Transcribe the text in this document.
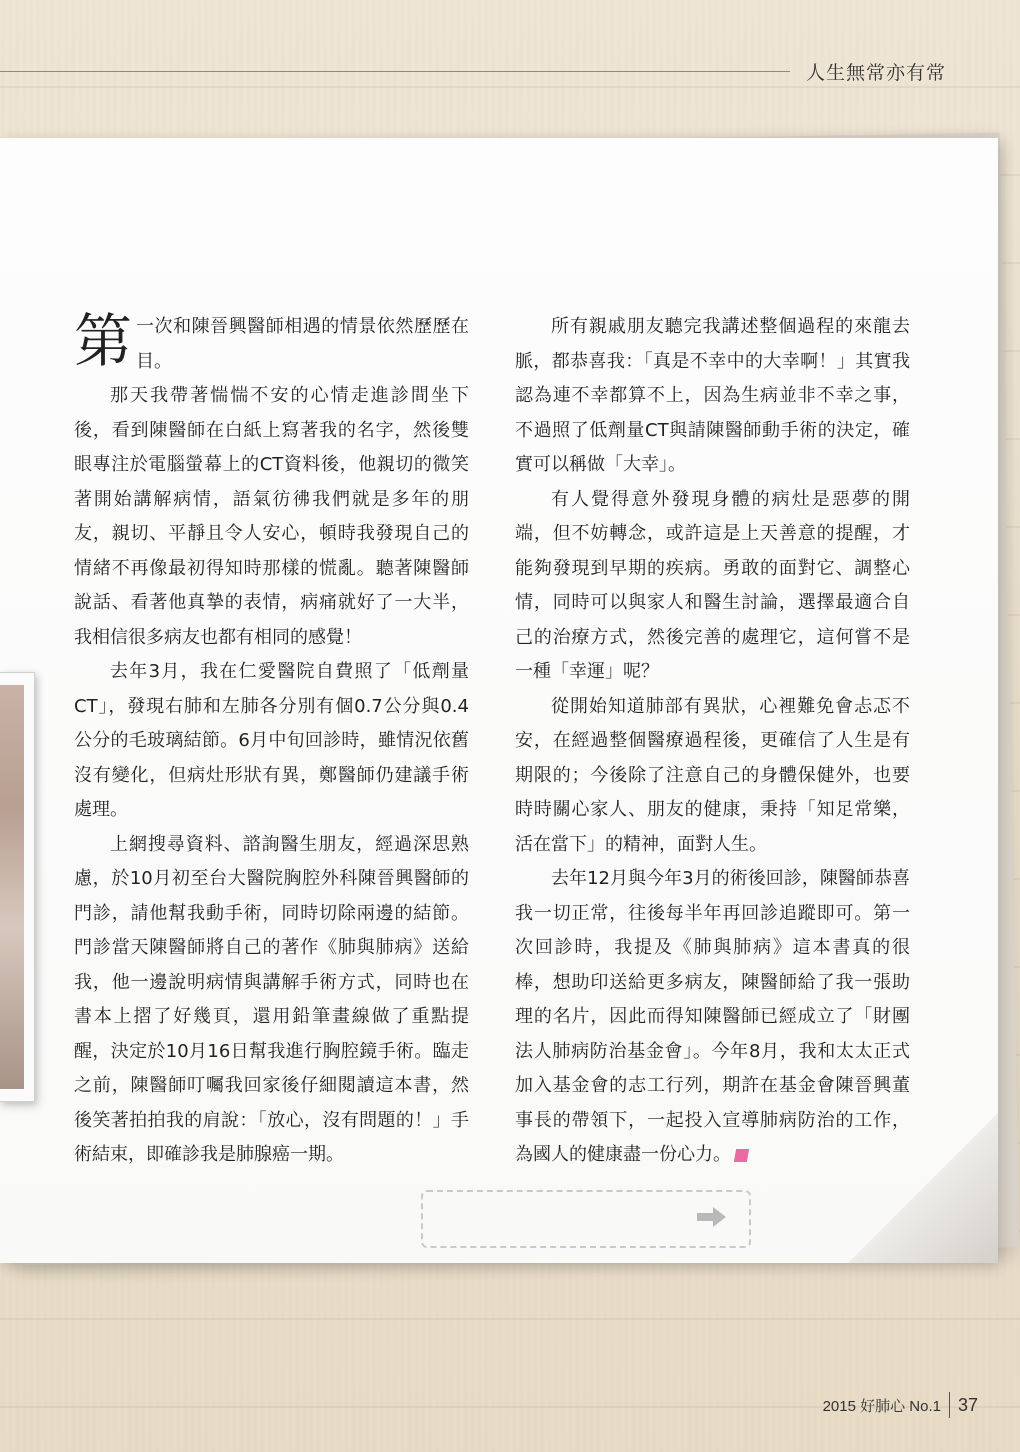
人生無常亦有常

第一次和陳晉興醫師相遇的情景依然歷歷在目。

那天我帶著惴惴不安的心情走進診間坐下後，看到陳醫師在白紙上寫著我的名字，然後雙眼專注於電腦螢幕上的CT資料後，他親切的微笑著開始講解病情，語氣彷彿我們就是多年的朋友，親切、平靜且令人安心，頓時我發現自己的情緒不再像最初得知時那樣的慌亂。聽著陳醫師說話、看著他真摯的表情，病痛就好了一大半，我相信很多病友也都有相同的感覺！

去年3月，我在仁愛醫院自費照了「低劑量CT」，發現右肺和左肺各分別有個0.7公分與0.4公分的毛玻璃結節。6月中旬回診時，雖情況依舊沒有變化，但病灶形狀有異，鄭醫師仍建議手術處理。

上網搜尋資料、諮詢醫生朋友，經過深思熟慮，於10月初至台大醫院胸腔外科陳晉興醫師的門診，請他幫我動手術，同時切除兩邊的結節。門診當天陳醫師將自己的著作《肺與肺病》送給我，他一邊說明病情與講解手術方式，同時也在書本上摺了好幾頁，還用鉛筆畫線做了重點提醒，決定於10月16日幫我進行胸腔鏡手術。臨走之前，陳醫師叮囑我回家後仔細閱讀這本書，然後笑著拍拍我的肩說：「放心，沒有問題的！」手術結束，即確診我是肺腺癌一期。

所有親戚朋友聽完我講述整個過程的來龍去脈，都恭喜我：「真是不幸中的大幸啊！」其實我認為連不幸都算不上，因為生病並非不幸之事，不過照了低劑量CT與請陳醫師動手術的決定，確實可以稱做「大幸」。

有人覺得意外發現身體的病灶是惡夢的開端，但不妨轉念，或許這是上天善意的提醒，才能夠發現到早期的疾病。勇敢的面對它、調整心情，同時可以與家人和醫生討論，選擇最適合自己的治療方式，然後完善的處理它，這何嘗不是一種「幸運」呢？

從開始知道肺部有異狀，心裡難免會忐忑不安，在經過整個醫療過程後，更確信了人生是有期限的；今後除了注意自己的身體保健外，也要時時關心家人、朋友的健康，秉持「知足常樂，活在當下」的精神，面對人生。

去年12月與今年3月的術後回診，陳醫師恭喜我一切正常，往後每半年再回診追蹤即可。第一次回診時，我提及《肺與肺病》這本書真的很棒，想助印送給更多病友，陳醫師給了我一張助理的名片，因此而得知陳醫師已經成立了「財團法人肺病防治基金會」。今年8月，我和太太正式加入基金會的志工行列，期許在基金會陳晉興董事長的帶領下，一起投入宣導肺病防治的工作，為國人的健康盡一份心力。

2015 好肺心 No.1 37
